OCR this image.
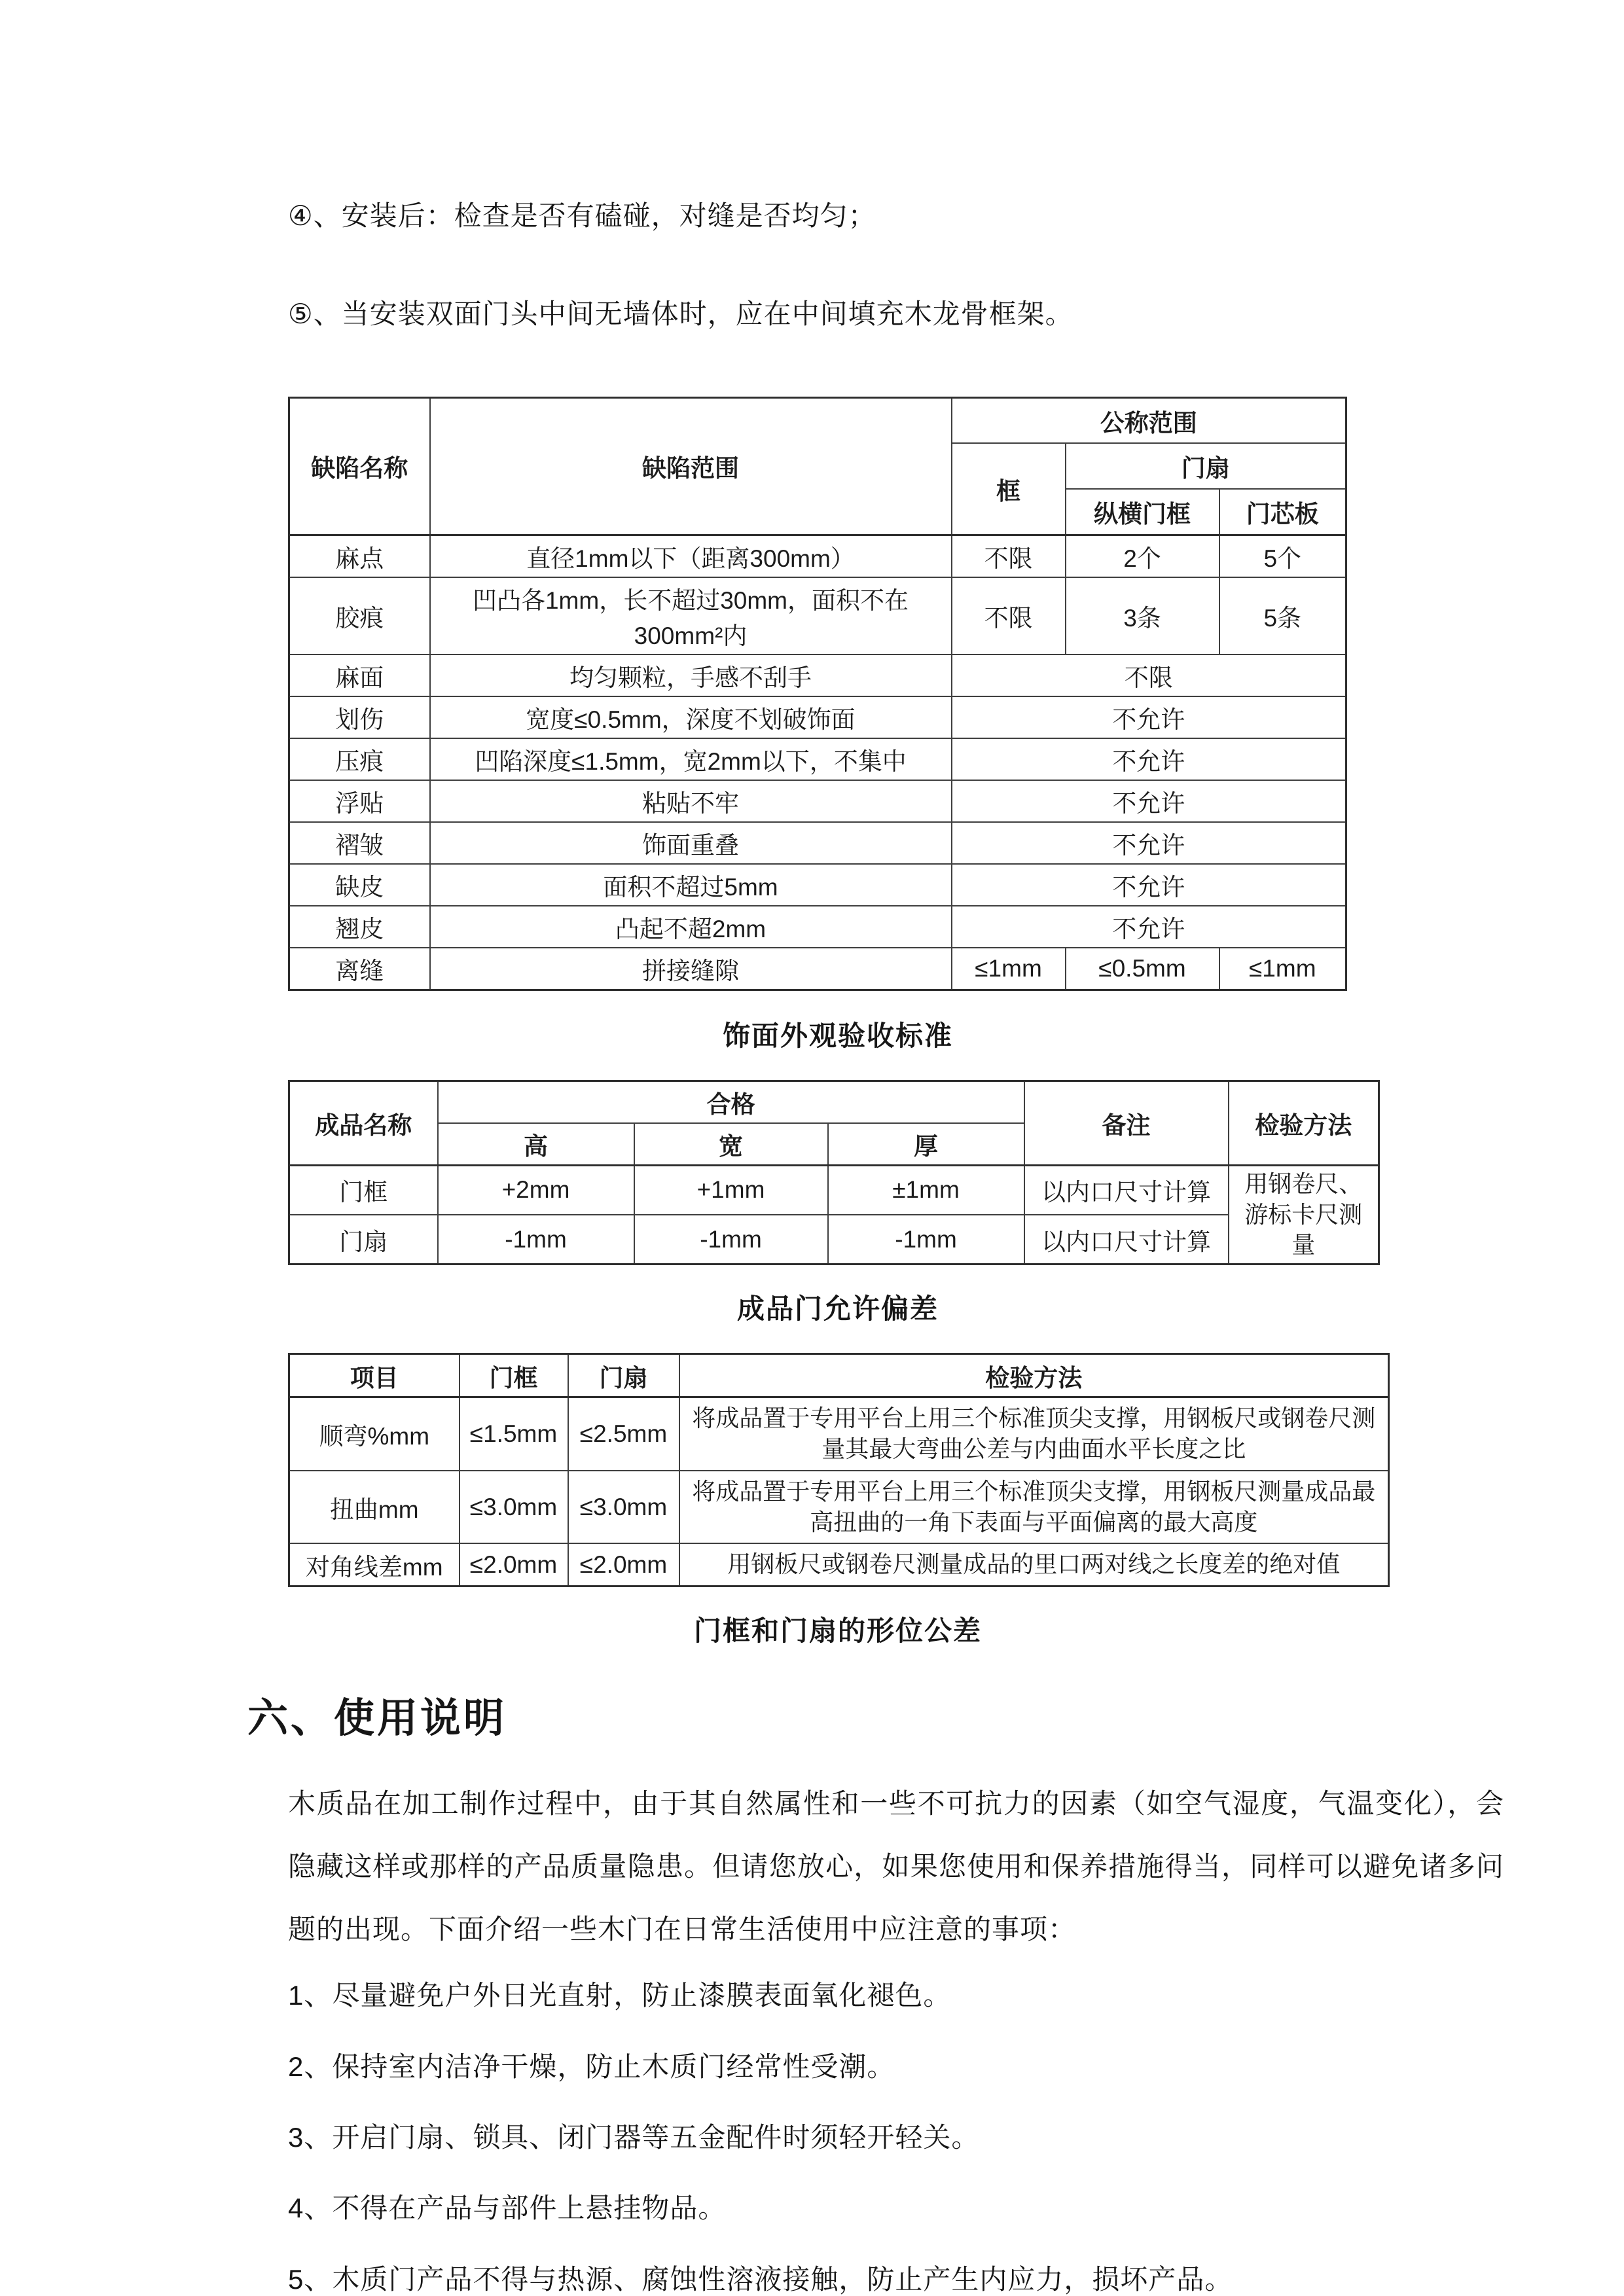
④、安装后：检查是否有磕碰，对缝是否均匀；
⑤、当安装双面门头中间无墙体时，应在中间填充木龙骨框架。
缺陷名称	缺陷范围	公称范围		
		框	门扇	
			纵横门框	门芯板
麻点	直径1mm以下（距离300mm）	不限	2个	5个
胶痕	凹凸各1mm，长不超过30mm，面积不在300mm²内	不限	3条	5条
麻面	均匀颗粒，手感不刮手	不限		
划伤	宽度≤0.5mm，深度不划破饰面	不允许		
压痕	凹陷深度≤1.5mm，宽2mm以下，不集中	不允许		
浮贴	粘贴不牢	不允许		
褶皱	饰面重叠	不允许		
缺皮	面积不超过5mm	不允许		
翘皮	凸起不超2mm	不允许		
离缝	拼接缝隙	≤1mm	≤0.5mm	≤1mm
饰面外观验收标准
成品名称	合格			备注	检验方法
	高	宽	厚		
门框	+2mm	+1mm	±1mm	以内口尺寸计算	用钢卷尺、游标卡尺测量
门扇	-1mm	-1mm	-1mm	以内口尺寸计算	
成品门允许偏差
项目	门框	门扇	检验方法
顺弯%mm	≤1.5mm	≤2.5mm	将成品置于专用平台上用三个标准顶尖支撑，用钢板尺或钢卷尺测量其最大弯曲公差与内曲面水平长度之比
扭曲mm	≤3.0mm	≤3.0mm	将成品置于专用平台上用三个标准顶尖支撑，用钢板尺测量成品最高扭曲的一角下表面与平面偏离的最大高度
对角线差mm	≤2.0mm	≤2.0mm	用钢板尺或钢卷尺测量成品的里口两对线之长度差的绝对值
门框和门扇的形位公差
六、使用说明

木质品在加工制作过程中，由于其自然属性和一些不可抗力的因素（如空气湿度，气温变化），会隐藏这样或那样的产品质量隐患。但请您放心，如果您使用和保养措施得当，同样可以避免诸多问题的出现。下面介绍一些木门在日常生活使用中应注意的事项：

1、尽量避免户外日光直射，防止漆膜表面氧化褪色。

2、保持室内洁净干燥，防止木质门经常性受潮。

3、开启门扇、锁具、闭门器等五金配件时须轻开轻关。

4、不得在产品与部件上悬挂物品。

5、木质门产品不得与热源、腐蚀性溶液接触，防止产生内应力，损坏产品。
